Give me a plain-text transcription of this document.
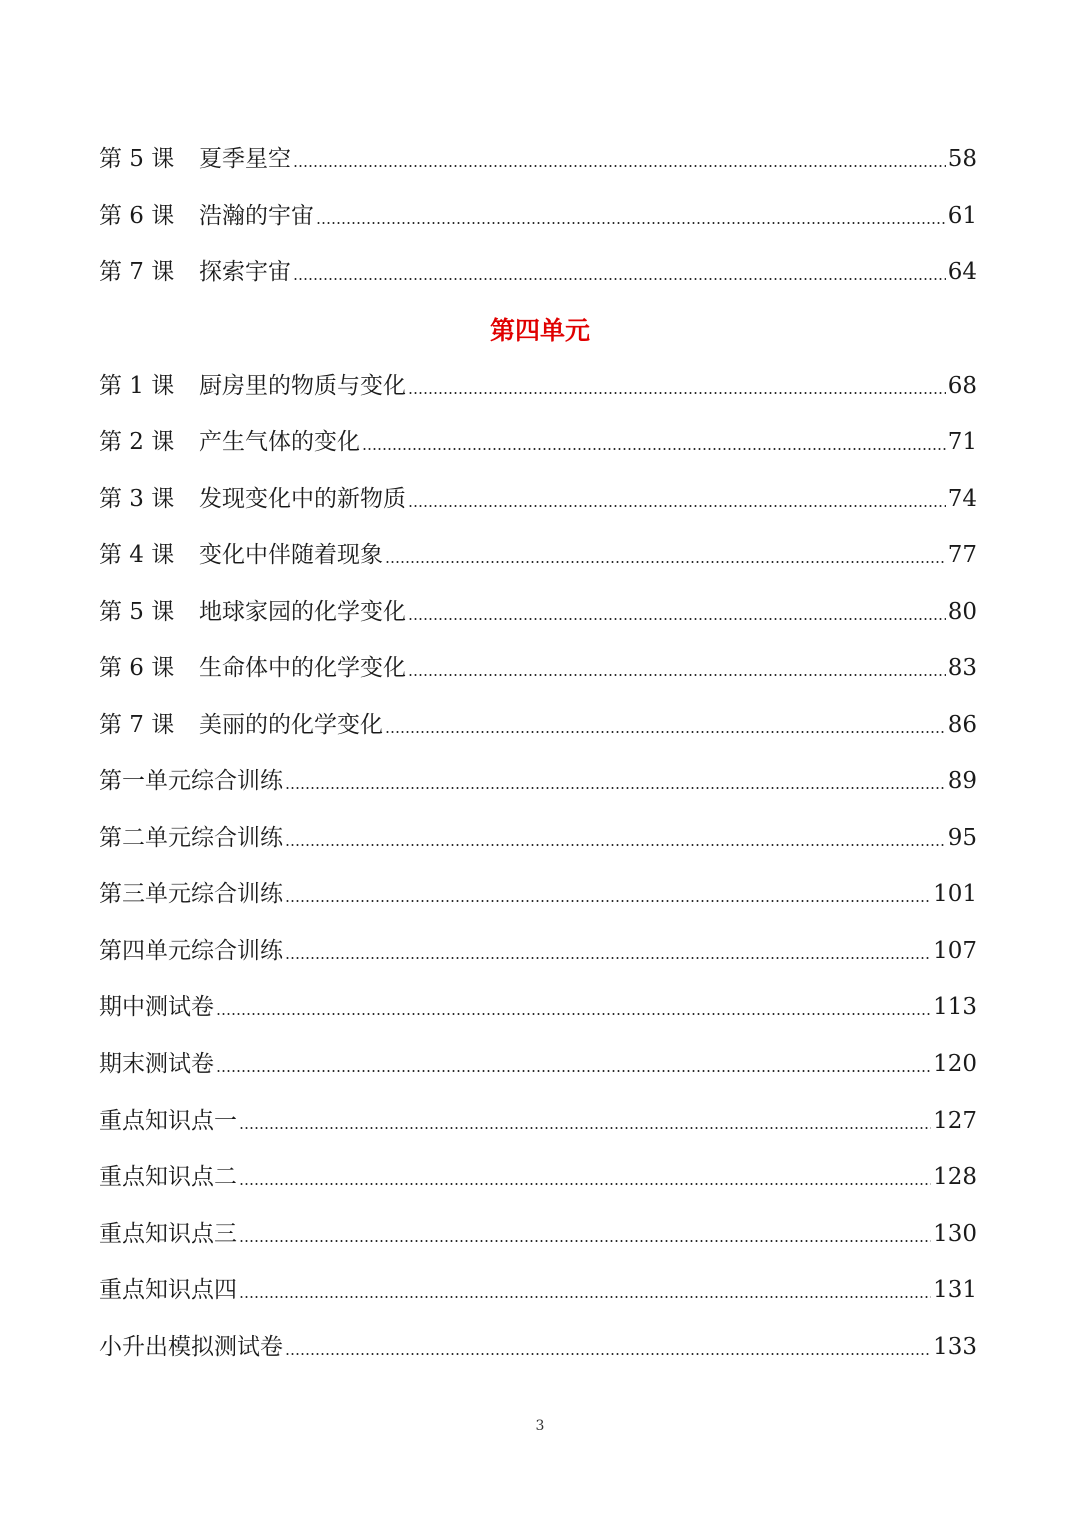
第 5 课	夏季星空	58
第 6 课	浩瀚的宇宙	61
第 7 课	探索宇宙	64
第四单元
第 1 课	厨房里的物质与变化	68
第 2 课	产生气体的变化	71
第 3 课	发现变化中的新物质	74
第 4 课	变化中伴随着现象	77
第 5 课	地球家园的化学变化	80
第 6 课	生命体中的化学变化	83
第 7 课	美丽的的化学变化	86
第一单元综合训练	89
第二单元综合训练	95
第三单元综合训练	101
第四单元综合训练	107
期中测试卷	113
期末测试卷	120
重点知识点一	127
重点知识点二	128
重点知识点三	130
重点知识点四	131
小升出模拟测试卷	133
3
